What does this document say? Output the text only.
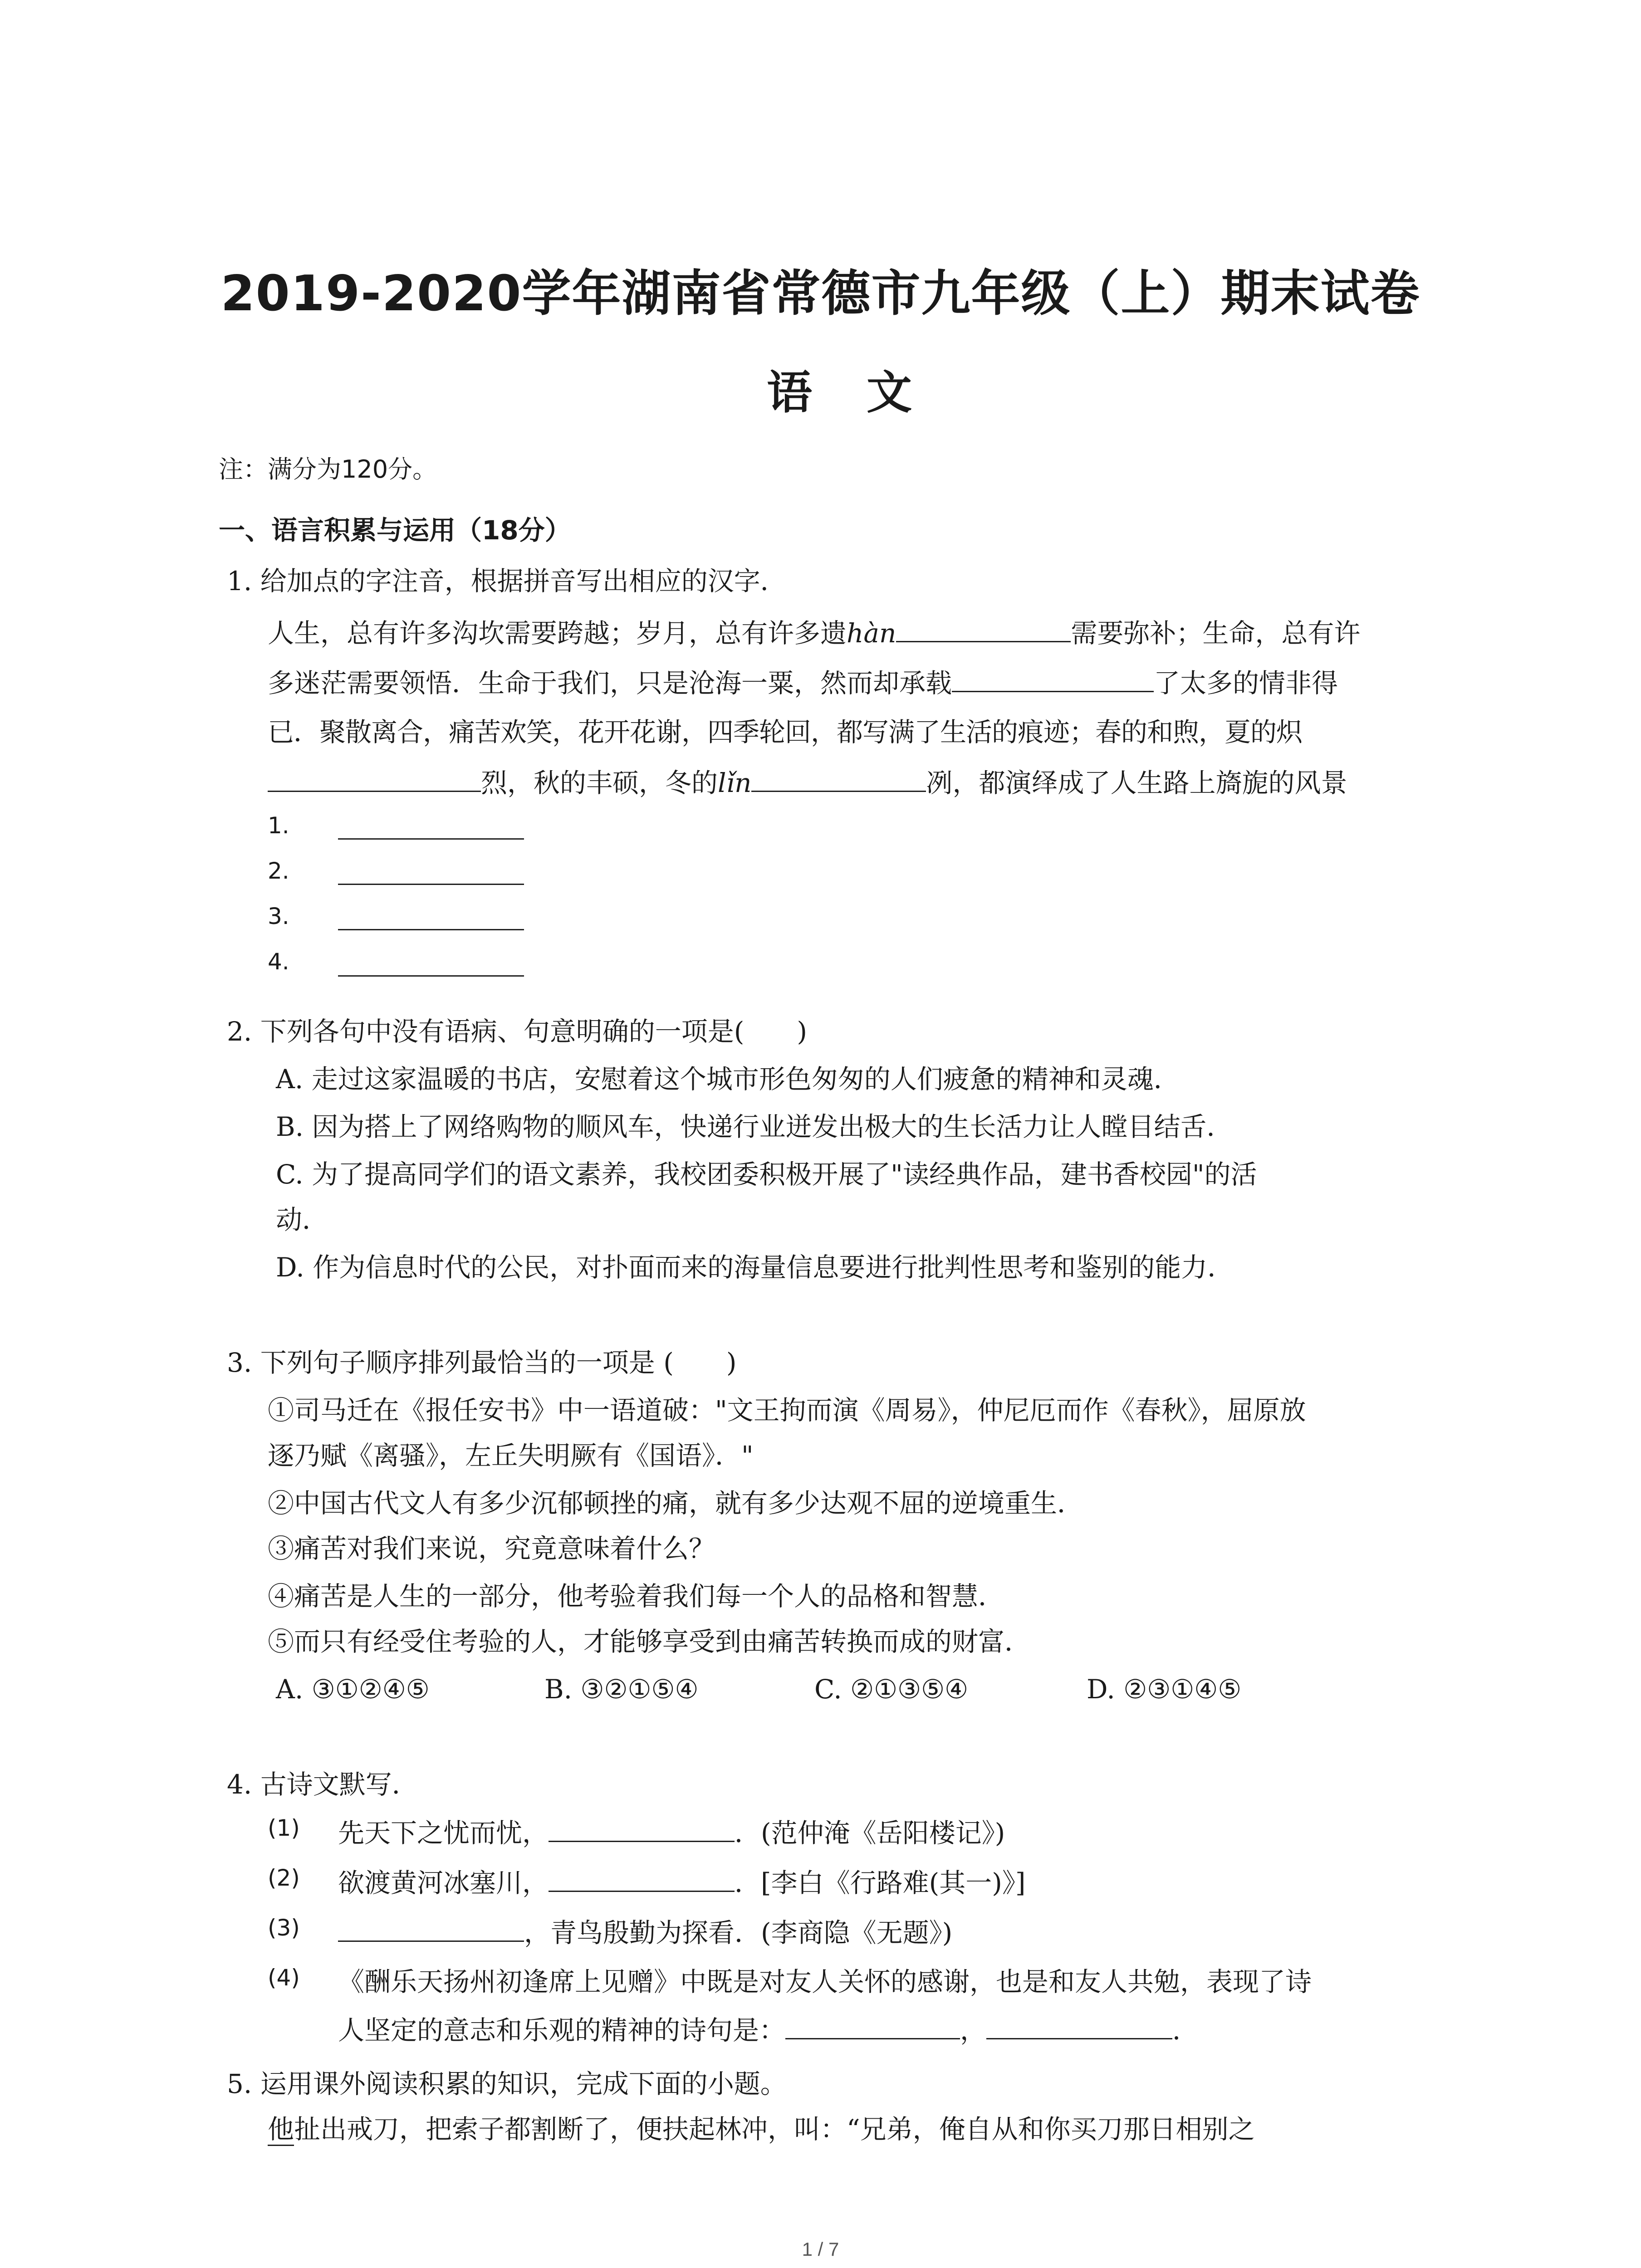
2019-2020学年湖南省常德市九年级（上）期末试卷
语文
注：满分为120分。
一、语言积累与运用（18分）
1. 给加点的字注音，根据拼音写出相应的汉字．
人生，总有许多沟坎需要跨越；岁月，总有许多遗hàn	需要弥补；生命，总有许
多迷茫需要领悟．生命于我们，只是沧海一粟，然而却承载	了太多的情非得
已．聚散离合，痛苦欢笑，花开花谢，四季轮回，都写满了生活的痕迹；春的和煦，夏的炽
烈，秋的丰硕，冬的lǐn	冽，都演绎成了人生路上旖旎的风景
1.
2.
3.
4.
2. 下列各句中没有语病、句意明确的一项是(　　)
A. 走过这家温暖的书店，安慰着这个城市形色匆匆的人们疲惫的精神和灵魂．
B. 因为搭上了网络购物的顺风车，快递行业迸发出极大的生长活力让人瞠目结舌．
C. 为了提高同学们的语文素养，我校团委积极开展了"读经典作品，建书香校园"的活
动．
D. 作为信息时代的公民，对扑面而来的海量信息要进行批判性思考和鉴别的能力．
3. 下列句子顺序排列最恰当的一项是 (　　)
①司马迁在《报任安书》中一语道破："文王拘而演《周易》，仲尼厄而作《春秋》，屈原放
逐乃赋《离骚》，左丘失明厥有《国语》．"
②中国古代文人有多少沉郁顿挫的痛，就有多少达观不屈的逆境重生．
③痛苦对我们来说，究竟意味着什么？
④痛苦是人生的一部分，他考验着我们每一个人的品格和智慧．
⑤而只有经受住考验的人，才能够享受到由痛苦转换而成的财富．
A. ③①②④⑤	B. ③②①⑤④	C. ②①③⑤④	D. ②③①④⑤
4. 古诗文默写．
(1) 先天下之忧而忧，	．(范仲淹《岳阳楼记》)
(2) 欲渡黄河冰塞川，	．[李白《行路难(其一)》]
(3)	，青鸟殷勤为探看．(李商隐《无题》)
(4) 《酬乐天扬州初逢席上见赠》中既是对友人关怀的感谢，也是和友人共勉，表现了诗
人坚定的意志和乐观的精神的诗句是：	，	．
5. 运用课外阅读积累的知识，完成下面的小题。
他扯出戒刀，把索子都割断了，便扶起林冲，叫：“兄弟，俺自从和你买刀那日相别之
1 / 7
